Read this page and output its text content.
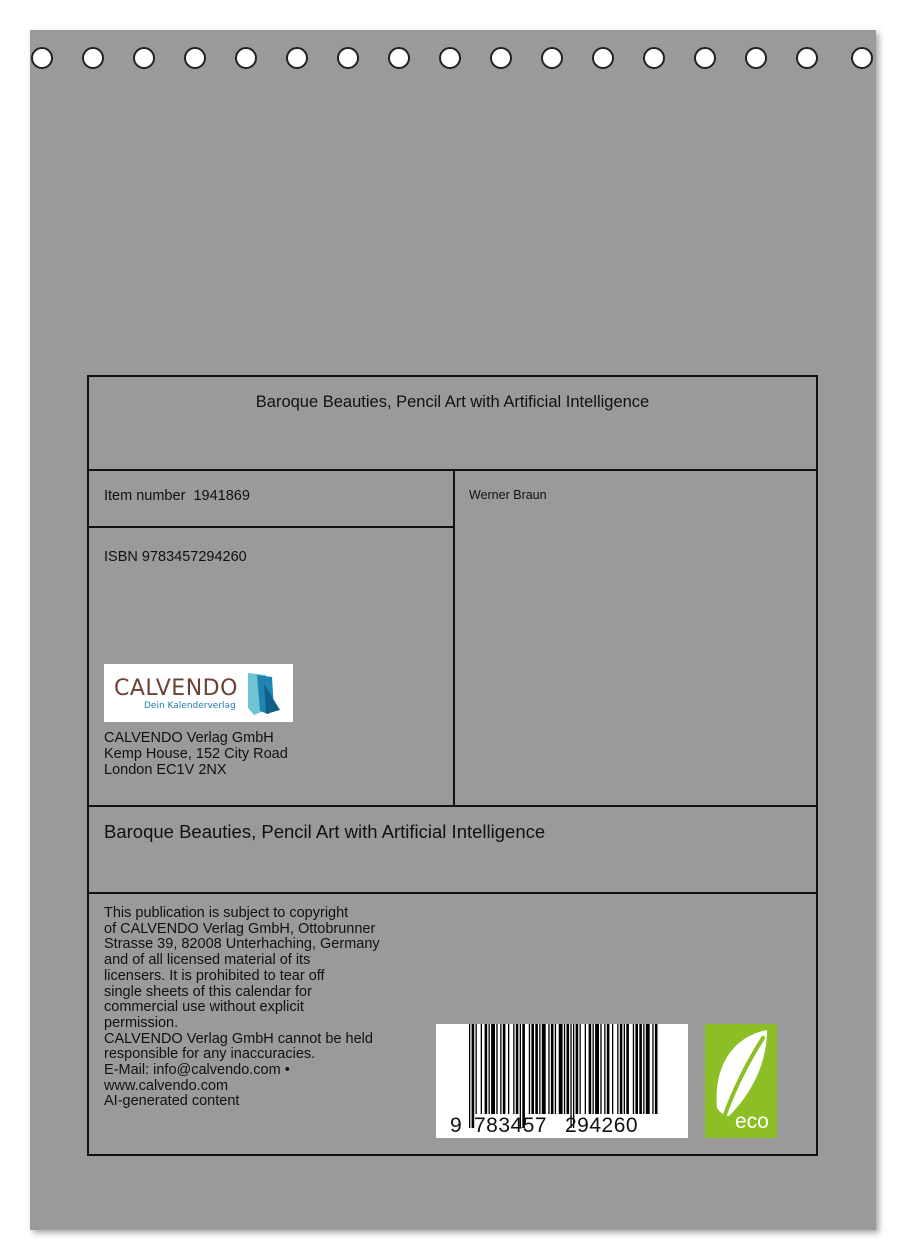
Baroque Beauties, Pencil Art with Artificial Intelligence
Item number 1941869	Werner Braun
ISBN 9783457294260
CALVENDO
Dein Kalenderverlag
CALVENDO Verlag GmbH
Kemp House, 152 City Road
London EC1V 2NX
Baroque Beauties, Pencil Art with Artificial Intelligence
This publication is subject to copyright
of CALVENDO Verlag GmbH, Ottobrunner
Strasse 39, 82008 Unterhaching, Germany
and of all licensed material of its
licensers. It is prohibited to tear off
single sheets of this calendar for
commercial use without explicit
permission.
CALVENDO Verlag GmbH cannot be held
responsible for any inaccuracies.
E-Mail: info@calvendo.com •
www.calvendo.com
AI-generated content
9 783457 294260	eco
